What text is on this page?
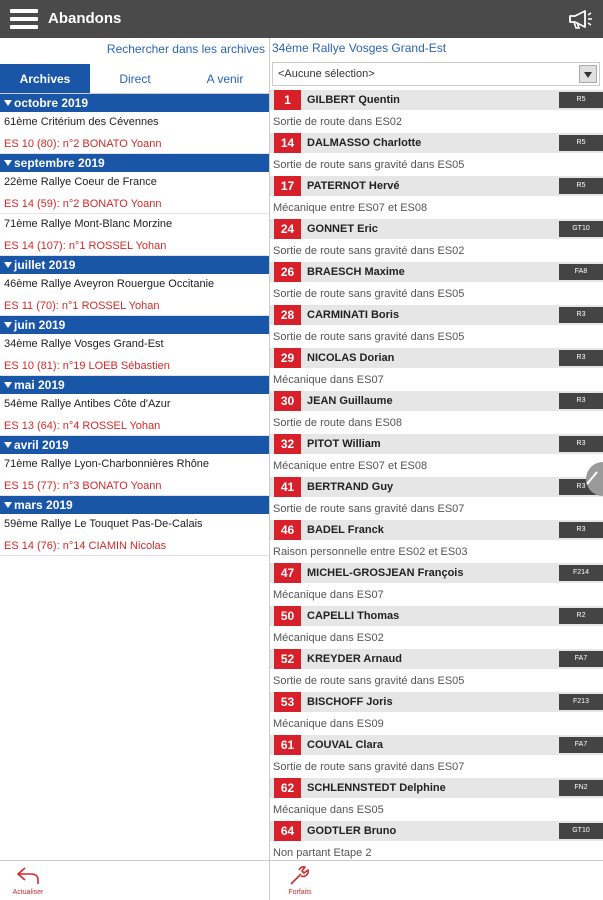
Abandons
Rechercher dans les archives
Archives	Direct	A venir
octobre 2019
61ème Critérium des Cévennes
ES 10 (80): n°2 BONATO Yoann
septembre 2019
22ème Rallye Coeur de France
ES 14 (59): n°2 BONATO Yoann
71ème Rallye Mont-Blanc Morzine
ES 14 (107): n°1 ROSSEL Yohan
juillet 2019
46ème Rallye Aveyron Rouergue Occitanie
ES 11 (70): n°1 ROSSEL Yohan
juin 2019
34ème Rallye Vosges Grand-Est
ES 10 (81): n°19 LOEB Sébastien
mai 2019
54ème Rallye Antibes Côte d'Azur
ES 13 (64): n°4 ROSSEL Yohan
avril 2019
71ème Rallye Lyon-Charbonnières Rhône
ES 15 (77): n°3 BONATO Yoann
mars 2019
59ème Rallye Le Touquet Pas-De-Calais
ES 14 (76): n°14 CIAMIN Nicolas
34ème Rallye Vosges Grand-Est
<Aucune sélection>
1	GILBERT Quentin	R5
Sortie de route dans ES02
14	DALMASSO Charlotte	R5
Sortie de route sans gravité dans ES05
17	PATERNOT Hervé	R5
Mécanique entre ES07 et ES08
24	GONNET Eric	GT10
Sortie de route sans gravité dans ES02
26	BRAESCH Maxime	FA8
Sortie de route sans gravité dans ES05
28	CARMINATI Boris	R3
Sortie de route sans gravité dans ES05
29	NICOLAS Dorian	R3
Mécanique dans ES07
30	JEAN Guillaume	R3
Sortie de route dans ES08
32	PITOT William	R3
Mécanique entre ES07 et ES08
41	BERTRAND Guy	R3
Sortie de route sans gravité dans ES07
46	BADEL Franck	R3
Raison personnelle entre ES02 et ES03
47	MICHEL-GROSJEAN François	F214
Mécanique dans ES07
50	CAPELLI Thomas	R2
Mécanique dans ES02
52	KREYDER Arnaud	FA7
Sortie de route sans gravité dans ES05
53	BISCHOFF Joris	F213
Mécanique dans ES09
61	COUVAL Clara	FA7
Sortie de route sans gravité dans ES07
62	SCHLENNSTEDT Delphine	FN2
Mécanique dans ES05
64	GODTLER Bruno	GT10
Non partant Etape 2
Actualiser	Forfaits
